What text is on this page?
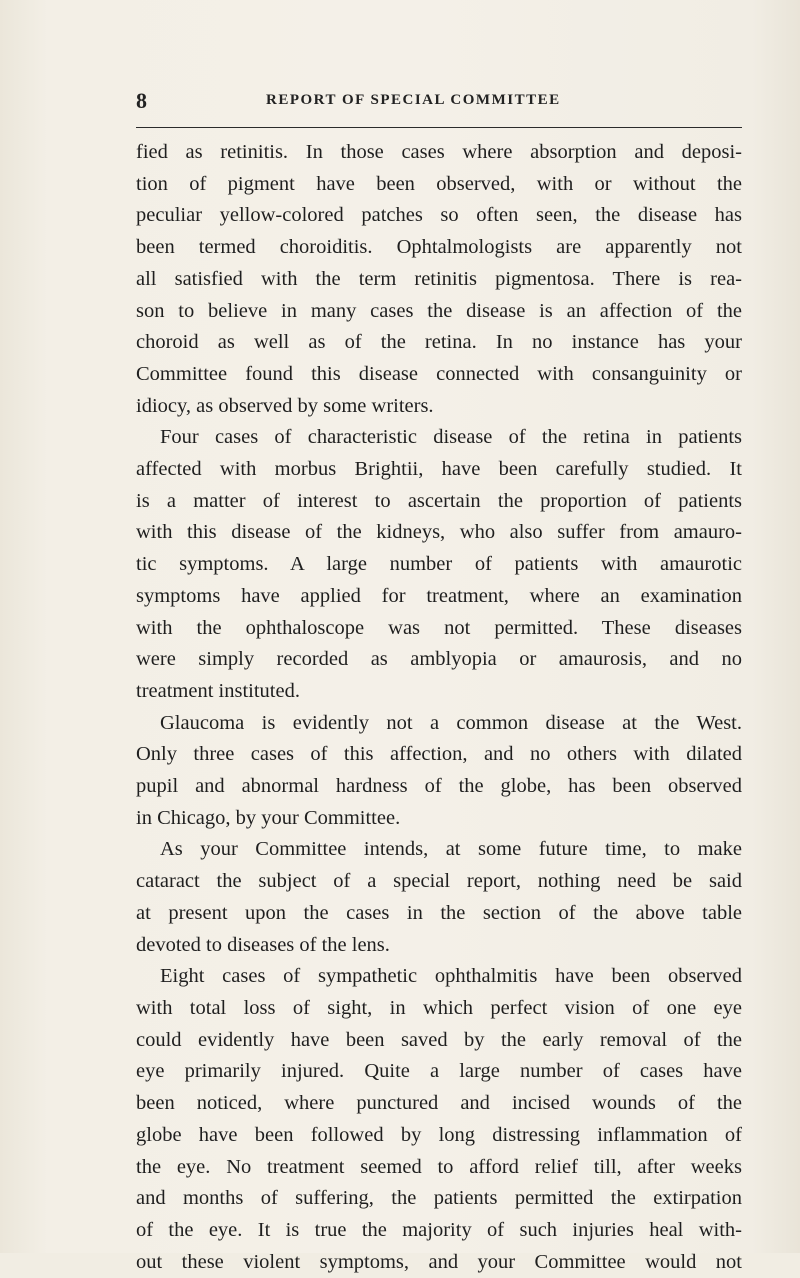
8	REPORT OF SPECIAL COMMITTEE

fied as retinitis. In those cases where absorption and deposi-

tion of pigment have been observed, with or without the

peculiar yellow-colored patches so often seen, the disease has

been termed choroiditis. Ophtalmologists are apparently not

all satisfied with the term retinitis pigmentosa. There is rea-

son to believe in many cases the disease is an affection of the

choroid as well as of the retina. In no instance has your

Committee found this disease connected with consanguinity or

idiocy, as observed by some writers.

Four cases of characteristic disease of the retina in patients

affected with morbus Brightii, have been carefully studied. It

is a matter of interest to ascertain the proportion of patients

with this disease of the kidneys, who also suffer from amauro-

tic symptoms. A large number of patients with amaurotic

symptoms have applied for treatment, where an examination

with the ophthaloscope was not permitted. These diseases

were simply recorded as amblyopia or amaurosis, and no

treatment instituted.

Glaucoma is evidently not a common disease at the West.

Only three cases of this affection, and no others with dilated

pupil and abnormal hardness of the globe, has been observed

in Chicago, by your Committee.

As your Committee intends, at some future time, to make

cataract the subject of a special report, nothing need be said

at present upon the cases in the section of the above table

devoted to diseases of the lens.

Eight cases of sympathetic ophthalmitis have been observed

with total loss of sight, in which perfect vision of one eye

could evidently have been saved by the early removal of the

eye primarily injured. Quite a large number of cases have

been noticed, where punctured and incised wounds of the

globe have been followed by long distressing inflammation of

the eye. No treatment seemed to afford relief till, after weeks

and months of suffering, the patients permitted the extirpation

of the eye. It is true the majority of such injuries heal with-

out these violent symptoms, and your Committee would not
